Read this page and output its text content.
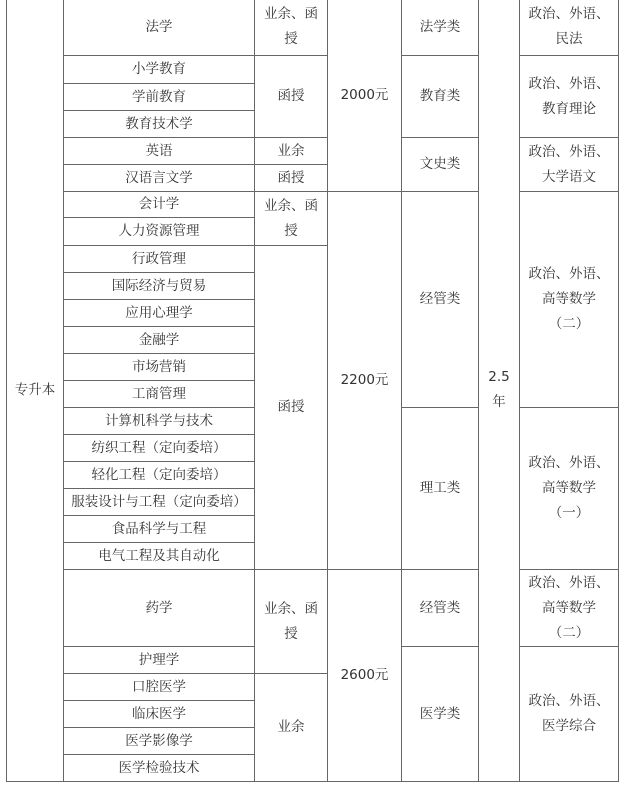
专升本
2.5年
法学
小学教育
学前教育
教育技术学
英语
汉语言文学
会计学
人力资源管理
行政管理
国际经济与贸易
应用心理学
金融学
市场营销
工商管理
计算机科学与技术
纺织工程（定向委培）
轻化工程（定向委培）
服装设计与工程（定向委培）
食品科学与工程
电气工程及其自动化
药学
护理学
口腔医学
临床医学
医学影像学
医学检验技术
业余、函授
函授
业余
函授
业余、函授
函授
业余、函授
业余
2000元
2200元
2600元
法学类
教育类
文史类
经管类
理工类
经管类
医学类
政治、外语、
民法
政治、外语、
教育理论
政治、外语、
大学语文
政治、外语、
高等数学
（二）
政治、外语、
高等数学
（一）
政治、外语、
高等数学
（二）
政治、外语、
医学综合
